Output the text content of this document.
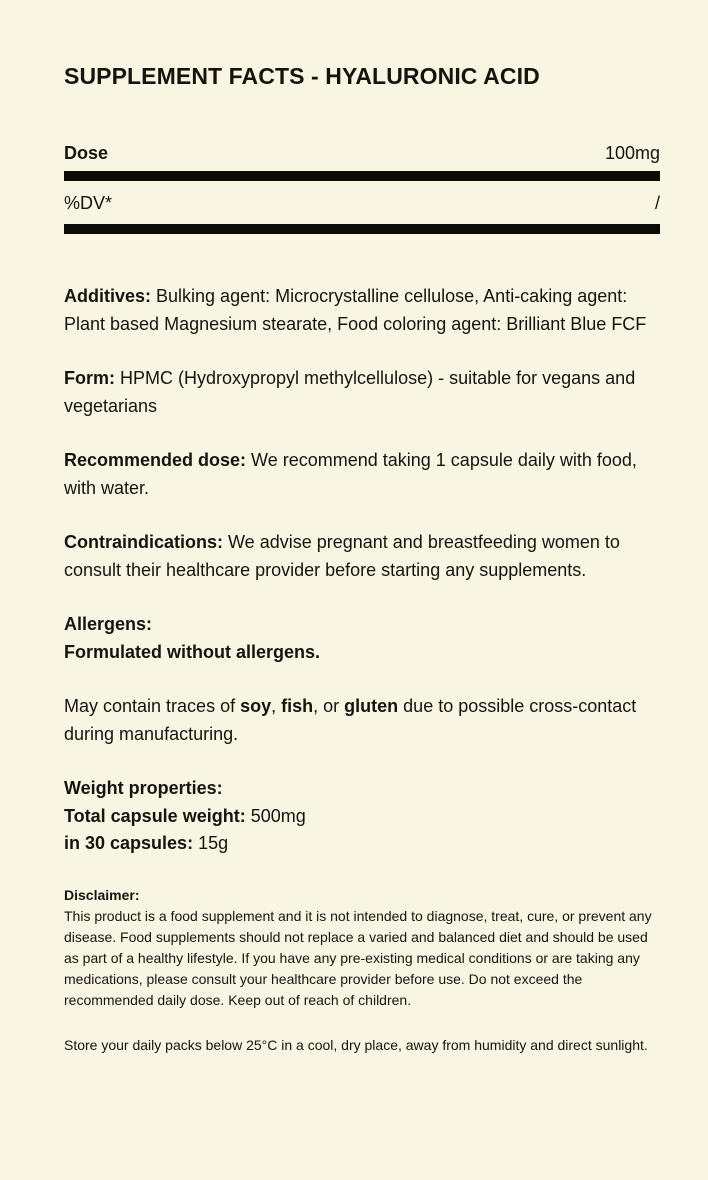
SUPPLEMENT FACTS - HYALURONIC ACID
Dose	100mg
%DV*	/

Additives: Bulking agent: Microcrystalline cellulose, Anti-caking agent: Plant based Magnesium stearate, Food coloring agent: Brilliant Blue FCF

Form: HPMC (Hydroxypropyl methylcellulose) - suitable for vegans and vegetarians

Recommended dose: We recommend taking 1 capsule daily with food, with water.

Contraindications: We advise pregnant and breastfeeding women to consult their healthcare provider before starting any supplements.

Allergens:
Formulated without allergens.

May contain traces of soy, fish, or gluten due to possible cross-contact during manufacturing.

Weight properties:
Total capsule weight: 500mg
in 30 capsules: 15g

Disclaimer:
This product is a food supplement and it is not intended to diagnose, treat, cure, or prevent any disease. Food supplements should not replace a varied and balanced diet and should be used as part of a healthy lifestyle. If you have any pre-existing medical conditions or are taking any medications, please consult your healthcare provider before use. Do not exceed the recommended daily dose. Keep out of reach of children.

Store your daily packs below 25°C in a cool, dry place, away from humidity and direct sunlight.
